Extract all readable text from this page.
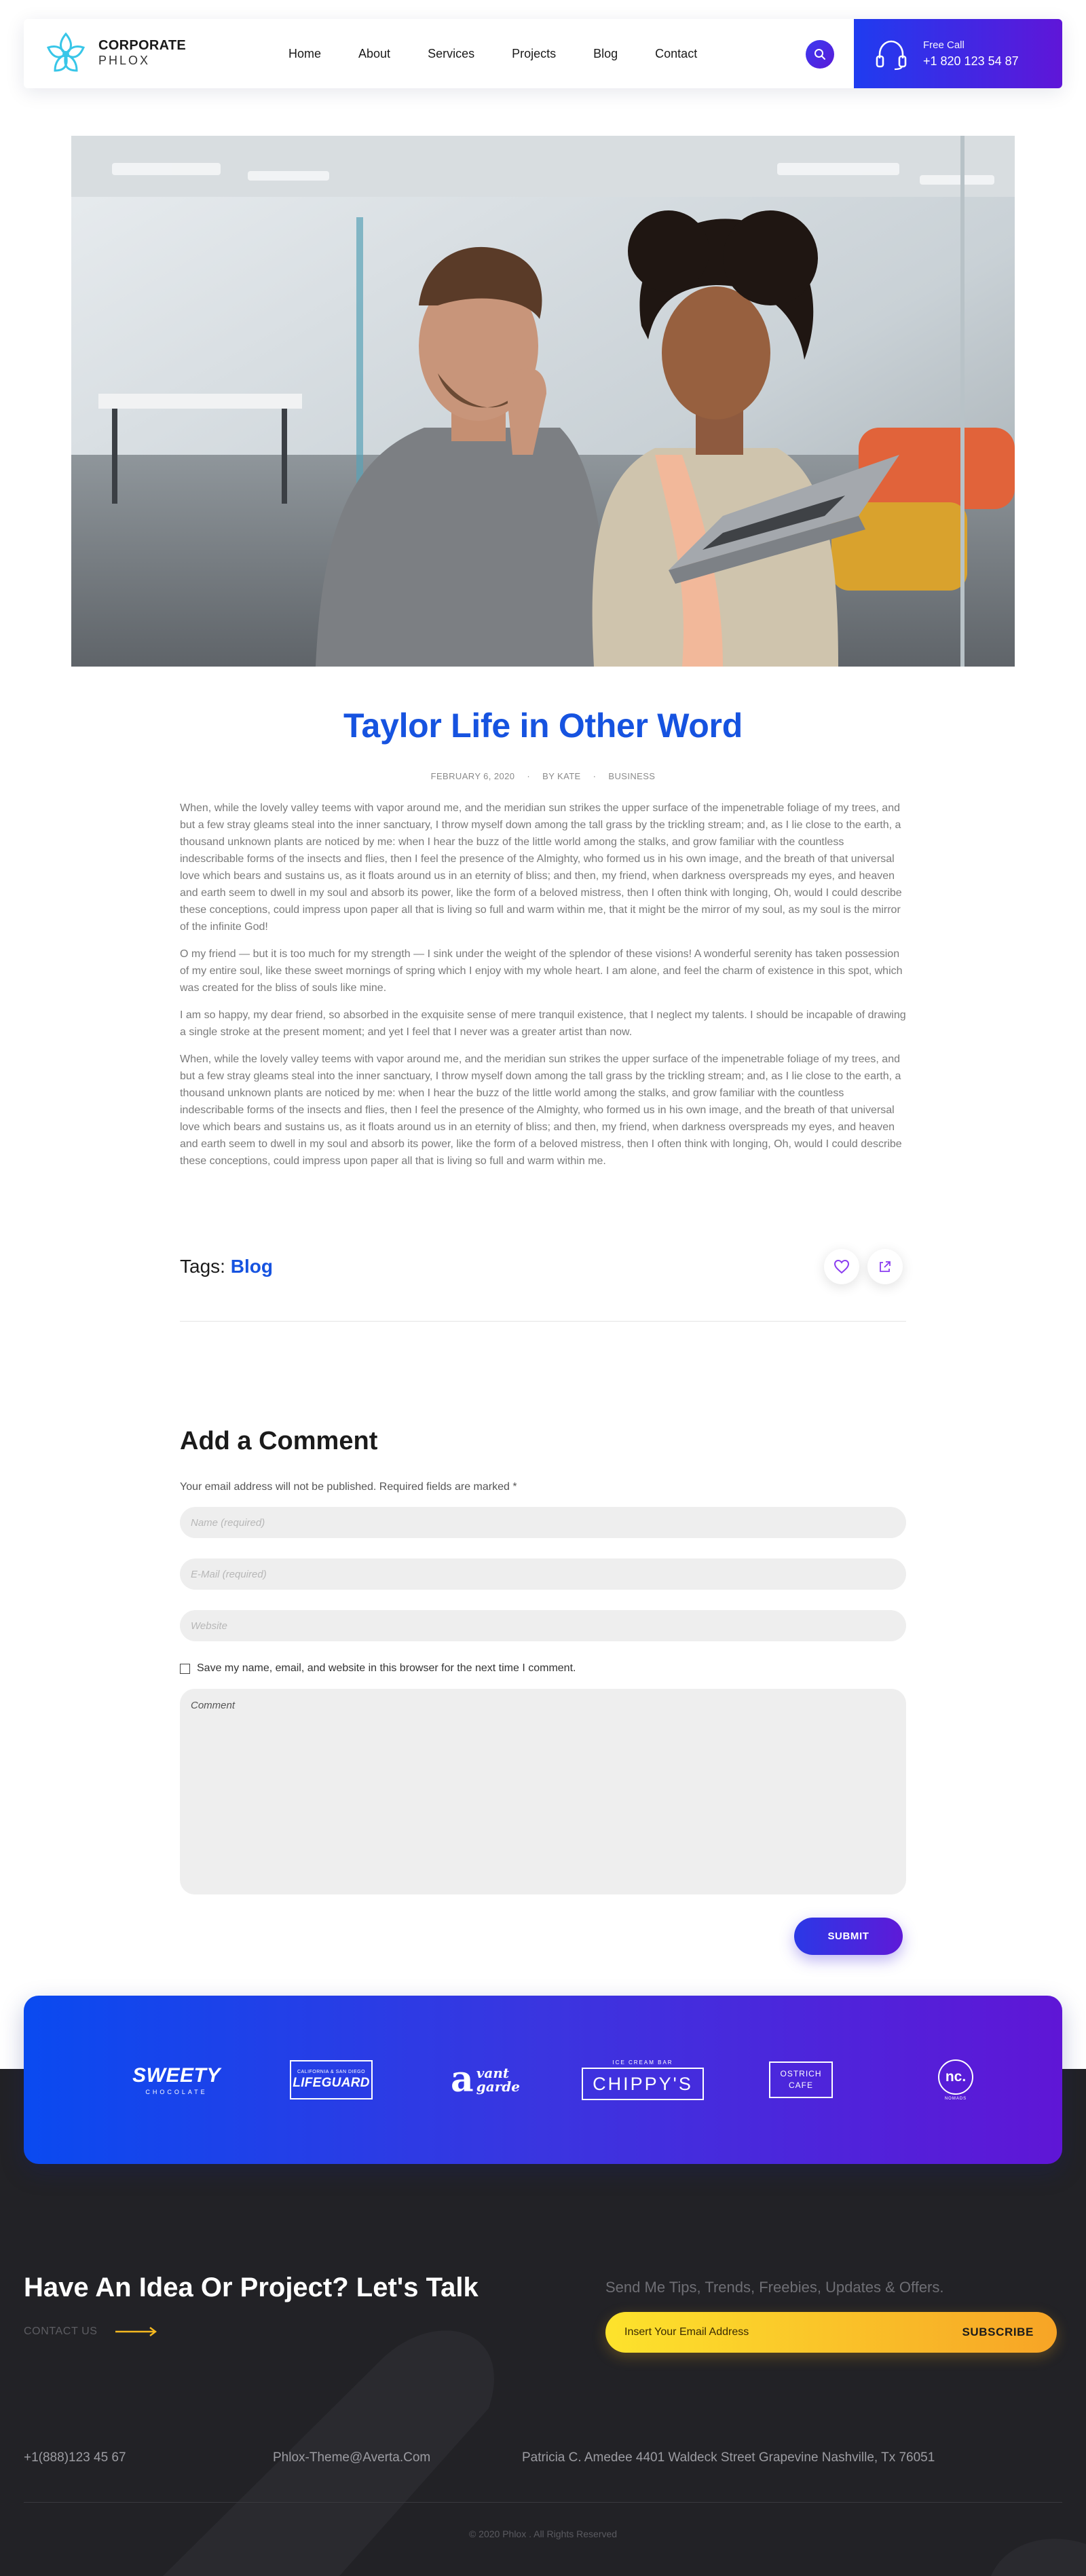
CORPORATE
PHLOX
Home	About	Services	Projects	Blog	Contact
Free Call
+1 820 123 54 87
Taylor Life in Other Word
FEBRUARY 6, 2020 · BY KATE · BUSINESS

When, while the lovely valley teems with vapor around me, and the meridian sun strikes the upper surface of the impenetrable foliage of my trees, and but a few stray gleams steal into the inner sanctuary, I throw myself down among the tall grass by the trickling stream; and, as I lie close to the earth, a thousand unknown plants are noticed by me: when I hear the buzz of the little world among the stalks, and grow familiar with the countless indescribable forms of the insects and flies, then I feel the presence of the Almighty, who formed us in his own image, and the breath of that universal love which bears and sustains us, as it floats around us in an eternity of bliss; and then, my friend, when darkness overspreads my eyes, and heaven and earth seem to dwell in my soul and absorb its power, like the form of a beloved mistress, then I often think with longing, Oh, would I could describe these conceptions, could impress upon paper all that is living so full and warm within me, that it might be the mirror of my soul, as my soul is the mirror of the infinite God!

O my friend — but it is too much for my strength — I sink under the weight of the splendor of these visions! A wonderful serenity has taken possession of my entire soul, like these sweet mornings of spring which I enjoy with my whole heart. I am alone, and feel the charm of existence in this spot, which was created for the bliss of souls like mine.

I am so happy, my dear friend, so absorbed in the exquisite sense of mere tranquil existence, that I neglect my talents. I should be incapable of drawing a single stroke at the present moment; and yet I feel that I never was a greater artist than now.

When, while the lovely valley teems with vapor around me, and the meridian sun strikes the upper surface of the impenetrable foliage of my trees, and but a few stray gleams steal into the inner sanctuary, I throw myself down among the tall grass by the trickling stream; and, as I lie close to the earth, a thousand unknown plants are noticed by me: when I hear the buzz of the little world among the stalks, and grow familiar with the countless indescribable forms of the insects and flies, then I feel the presence of the Almighty, who formed us in his own image, and the breath of that universal love which bears and sustains us, as it floats around us in an eternity of bliss; and then, my friend, when darkness overspreads my eyes, and heaven and earth seem to dwell in my soul and absorb its power, like the form of a beloved mistress, then I often think with longing, Oh, would I could describe these conceptions, could impress upon paper all that is living so full and warm within me.

Tags: Blog
Add a Comment

Your email address will not be published. Required fields are marked *

Name (required)
E-Mail (required)
Website
Save my name, email, and website in this browser for the next time I comment.
Comment
SUBMIT
SWEETY
CHOCOLATE
CALIFORNIA & SAN DIEGO
LIFEGUARD a vant
garde
ICE CREAM BAR
CHIPPY'S	OSTRICH
CAFE
nc.
NOMADS
Have An Idea Or Project? Let's Talk
CONTACT US

Send Me Tips, Trends, Freebies, Updates & Offers.

Insert Your Email Address
SUBSCRIBE
+1(888)123 45 67	Phlox-Theme@Averta.Com	Patricia C. Amedee 4401 Waldeck Street Grapevine Nashville, Tx 76051

© 2020 Phlox . All Rights Reserved
